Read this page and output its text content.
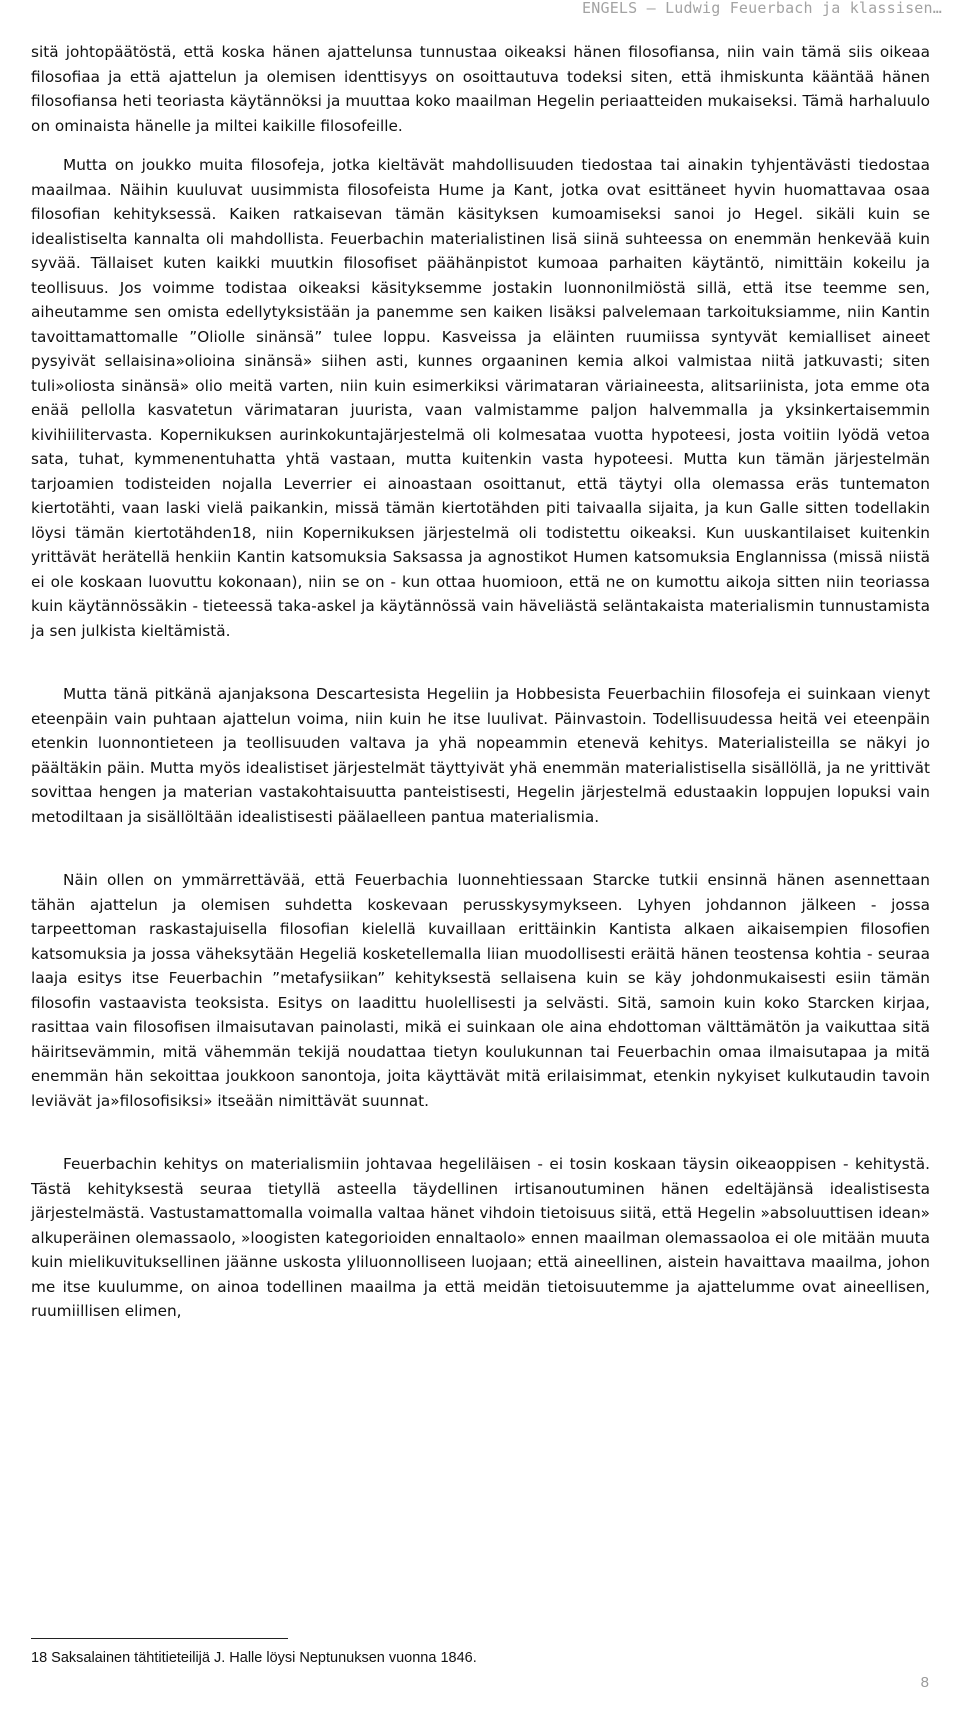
ENGELS – Ludwig Feuerbach ja klassisen…

sitä johtopäätöstä, että koska hänen ajattelunsa tunnustaa oikeaksi hänen filosofiansa, niin vain tämä siis oikeaa filosofiaa ja että ajattelun ja olemisen identtisyys on osoittautuva todeksi siten, että ihmiskunta kääntää hänen filosofiansa heti teoriasta käytännöksi ja muuttaa koko maailman Hegelin periaatteiden mukaiseksi. Tämä harhaluulo on ominaista hänelle ja miltei kaikille filosofeille.

Mutta on joukko muita filosofeja, jotka kieltävät mahdollisuuden tiedostaa tai ainakin tyhjentävästi tiedostaa maailmaa. Näihin kuuluvat uusimmista filosofeista Hume ja Kant, jotka ovat esittäneet hyvin huomattavaa osaa filosofian kehityksessä. Kaiken ratkaisevan tämän käsityksen kumoamiseksi sanoi jo Hegel. sikäli kuin se idealistiselta kannalta oli mahdollista. Feuerbachin materialistinen lisä siinä suhteessa on enemmän henkevää kuin syvää. Tällaiset kuten kaikki muutkin filosofiset päähänpistot kumoaa parhaiten käytäntö, nimittäin kokeilu ja teollisuus. Jos voimme todistaa oikeaksi käsityksemme jostakin luonnonilmiöstä sillä, että itse teemme sen, aiheutamme sen omista edellytyksistään ja panemme sen kaiken lisäksi palvelemaan tarkoituksiamme, niin Kantin tavoittamattomalle ”Oliolle sinänsä” tulee loppu. Kasveissa ja eläinten ruumiissa syntyvät kemialliset aineet pysyivät sellaisina»olioina sinänsä» siihen asti, kunnes orgaaninen kemia alkoi valmistaa niitä jatkuvasti; siten tuli»oliosta sinänsä» olio meitä varten, niin kuin esimerkiksi värimataran väriaineesta, alitsariinista, jota emme ota enää pellolla kasvatetun värimataran juurista, vaan valmistamme paljon halvemmalla ja yksinkertaisemmin kivihiilitervasta. Kopernikuksen aurinkokuntajärjestelmä oli kolmesataa vuotta hypoteesi, josta voitiin lyödä vetoa sata, tuhat, kymmenentuhatta yhtä vastaan, mutta kuitenkin vasta hypoteesi. Mutta kun tämän järjestelmän tarjoamien todisteiden nojalla Leverrier ei ainoastaan osoittanut, että täytyi olla olemassa eräs tuntematon kiertotähti, vaan laski vielä paikankin, missä tämän kiertotähden piti taivaalla sijaita, ja kun Galle sitten todellakin löysi tämän kiertotähden18, niin Kopernikuksen järjestelmä oli todistettu oikeaksi. Kun uuskantilaiset kuitenkin yrittävät herätellä henkiin Kantin katsomuksia Saksassa ja agnostikot Humen katsomuksia Englannissa (missä niistä ei ole koskaan luovuttu kokonaan), niin se on - kun ottaa huomioon, että ne on kumottu aikoja sitten niin teoriassa kuin käytännössäkin - tieteessä taka-askel ja käytännössä vain häveliästä seläntakaista materialismin tunnustamista ja sen julkista kieltämistä.

Mutta tänä pitkänä ajanjaksona Descartesista Hegeliin ja Hobbesista Feuerbachiin filosofeja ei suinkaan vienyt eteenpäin vain puhtaan ajattelun voima, niin kuin he itse luulivat. Päinvastoin. Todellisuudessa heitä vei eteenpäin etenkin luonnontieteen ja teollisuuden valtava ja yhä nopeammin etenevä kehitys. Materialisteilla se näkyi jo päältäkin päin. Mutta myös idealistiset järjestelmät täyttyivät yhä enemmän materialistisella sisällöllä, ja ne yrittivät sovittaa hengen ja materian vastakohtaisuutta panteistisesti, Hegelin järjestelmä edustaakin loppujen lopuksi vain metodiltaan ja sisällöltään idealistisesti päälaelleen pantua materialismia.

Näin ollen on ymmärrettävää, että Feuerbachia luonnehtiessaan Starcke tutkii ensinnä hänen asennettaan tähän ajattelun ja olemisen suhdetta koskevaan perusskysymykseen. Lyhyen johdannon jälkeen - jossa tarpeettoman raskastajuisella filosofian kielellä kuvaillaan erittäinkin Kantista alkaen aikaisempien filosofien katsomuksia ja jossa väheksytään Hegeliä kosketellemalla liian muodollisesti eräitä hänen teostensa kohtia - seuraa laaja esitys itse Feuerbachin ”metafysiikan” kehityksestä sellaisena kuin se käy johdonmukaisesti esiin tämän filosofin vastaavista teoksista. Esitys on laadittu huolellisesti ja selvästi. Sitä, samoin kuin koko Starcken kirjaa, rasittaa vain filosofisen ilmaisutavan painolasti, mikä ei suinkaan ole aina ehdottoman välttämätön ja vaikuttaa sitä häiritsevämmin, mitä vähemmän tekijä noudattaa tietyn koulukunnan tai Feuerbachin omaa ilmaisutapaa ja mitä enemmän hän sekoittaa joukkoon sanontoja, joita käyttävät mitä erilaisimmat, etenkin nykyiset kulkutaudin tavoin leviävät ja»filosofisiksi» itseään nimittävät suunnat.

Feuerbachin kehitys on materialismiin johtavaa hegeliläisen - ei tosin koskaan täysin oikeaoppisen - kehitystä. Tästä kehityksestä seuraa tietyllä asteella täydellinen irtisanoutuminen hänen edeltäjänsä idealistisesta järjestelmästä. Vastustamattomalla voimalla valtaa hänet vihdoin tietoisuus siitä, että Hegelin »absoluuttisen idean» alkuperäinen olemassaolo, »loogisten kategorioiden ennaltaolo» ennen maailman olemassaoloa ei ole mitään muuta kuin mielikuvituksellinen jäänne uskosta yliluonnolliseen luojaan; että aineellinen, aistein havaittava maailma, johon me itse kuulumme, on ainoa todellinen maailma ja että meidän tietoisuutemme ja ajattelumme ovat aineellisen, ruumiillisen elimen,

18 Saksalainen tähtitieteilijä J. Halle löysi Neptunuksen vuonna 1846.
8
